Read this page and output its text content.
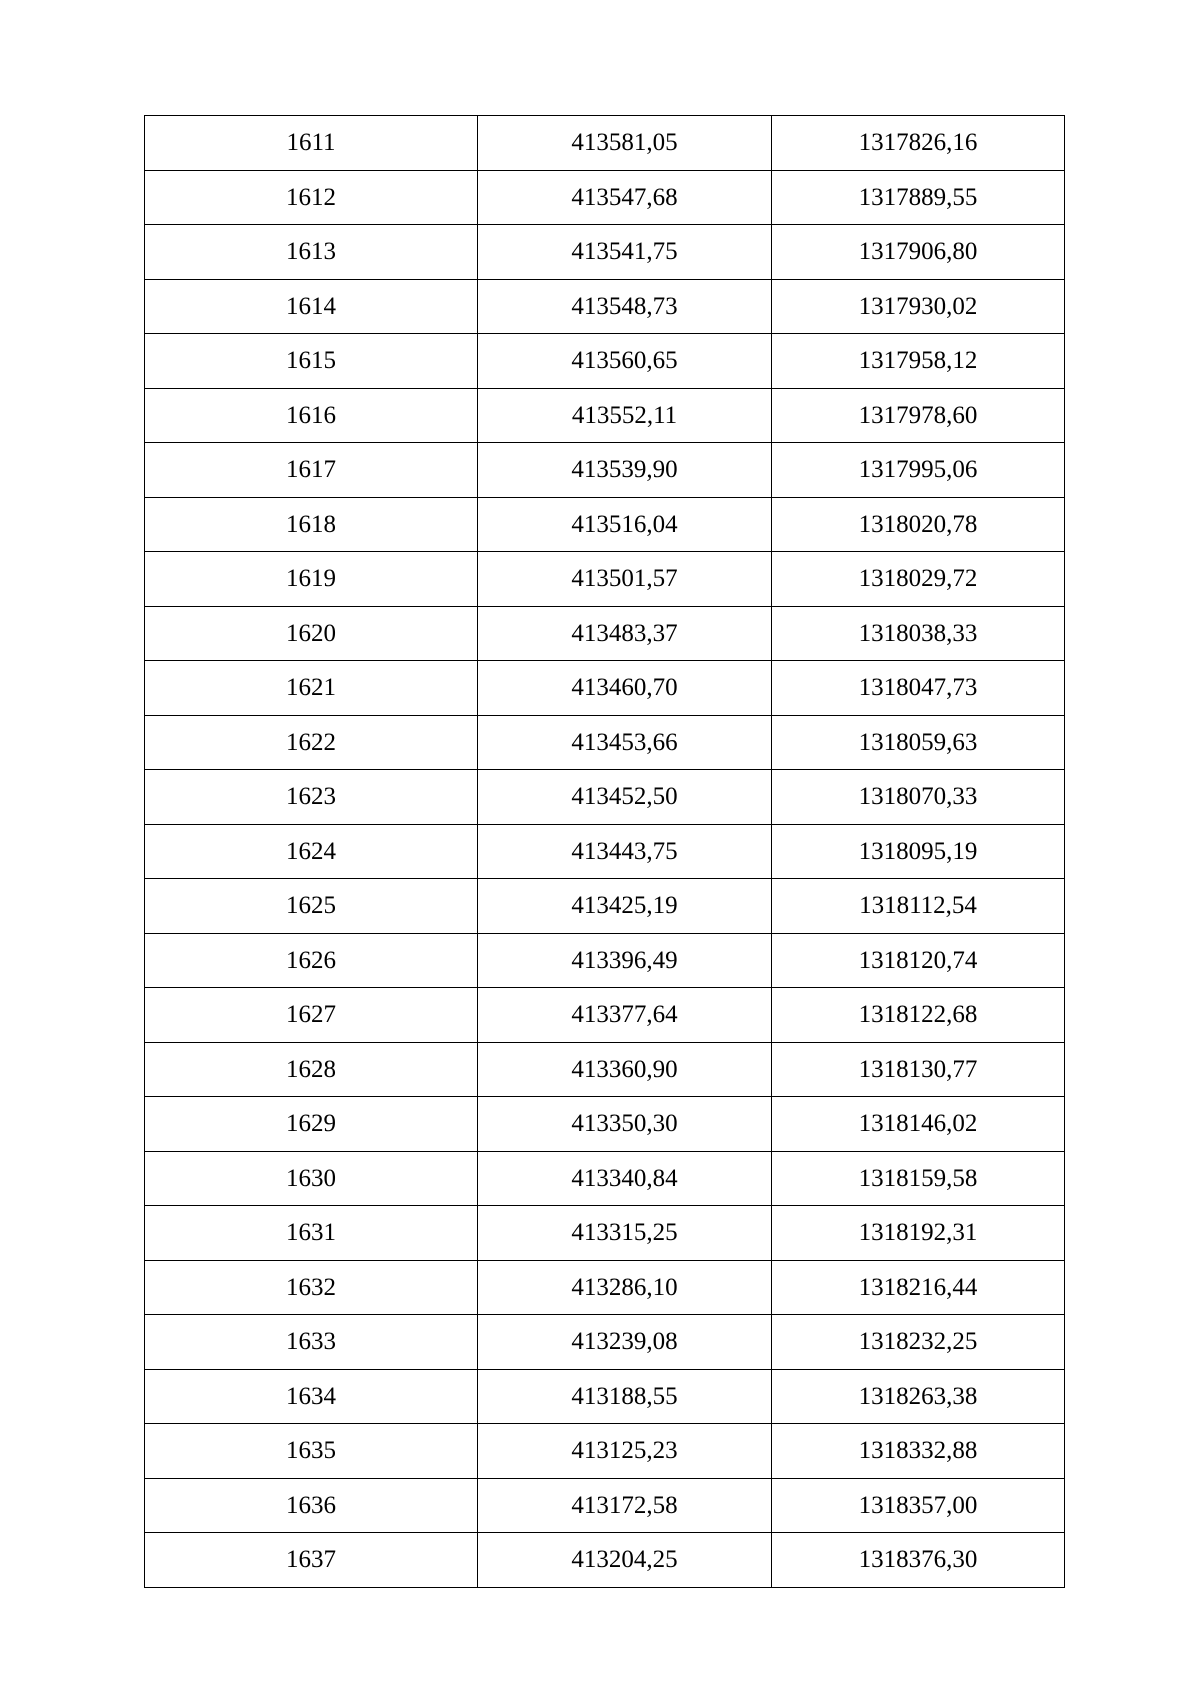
1611	413581,05	1317826,16
1612	413547,68	1317889,55
1613	413541,75	1317906,80
1614	413548,73	1317930,02
1615	413560,65	1317958,12
1616	413552,11	1317978,60
1617	413539,90	1317995,06
1618	413516,04	1318020,78
1619	413501,57	1318029,72
1620	413483,37	1318038,33
1621	413460,70	1318047,73
1622	413453,66	1318059,63
1623	413452,50	1318070,33
1624	413443,75	1318095,19
1625	413425,19	1318112,54
1626	413396,49	1318120,74
1627	413377,64	1318122,68
1628	413360,90	1318130,77
1629	413350,30	1318146,02
1630	413340,84	1318159,58
1631	413315,25	1318192,31
1632	413286,10	1318216,44
1633	413239,08	1318232,25
1634	413188,55	1318263,38
1635	413125,23	1318332,88
1636	413172,58	1318357,00
1637	413204,25	1318376,30
